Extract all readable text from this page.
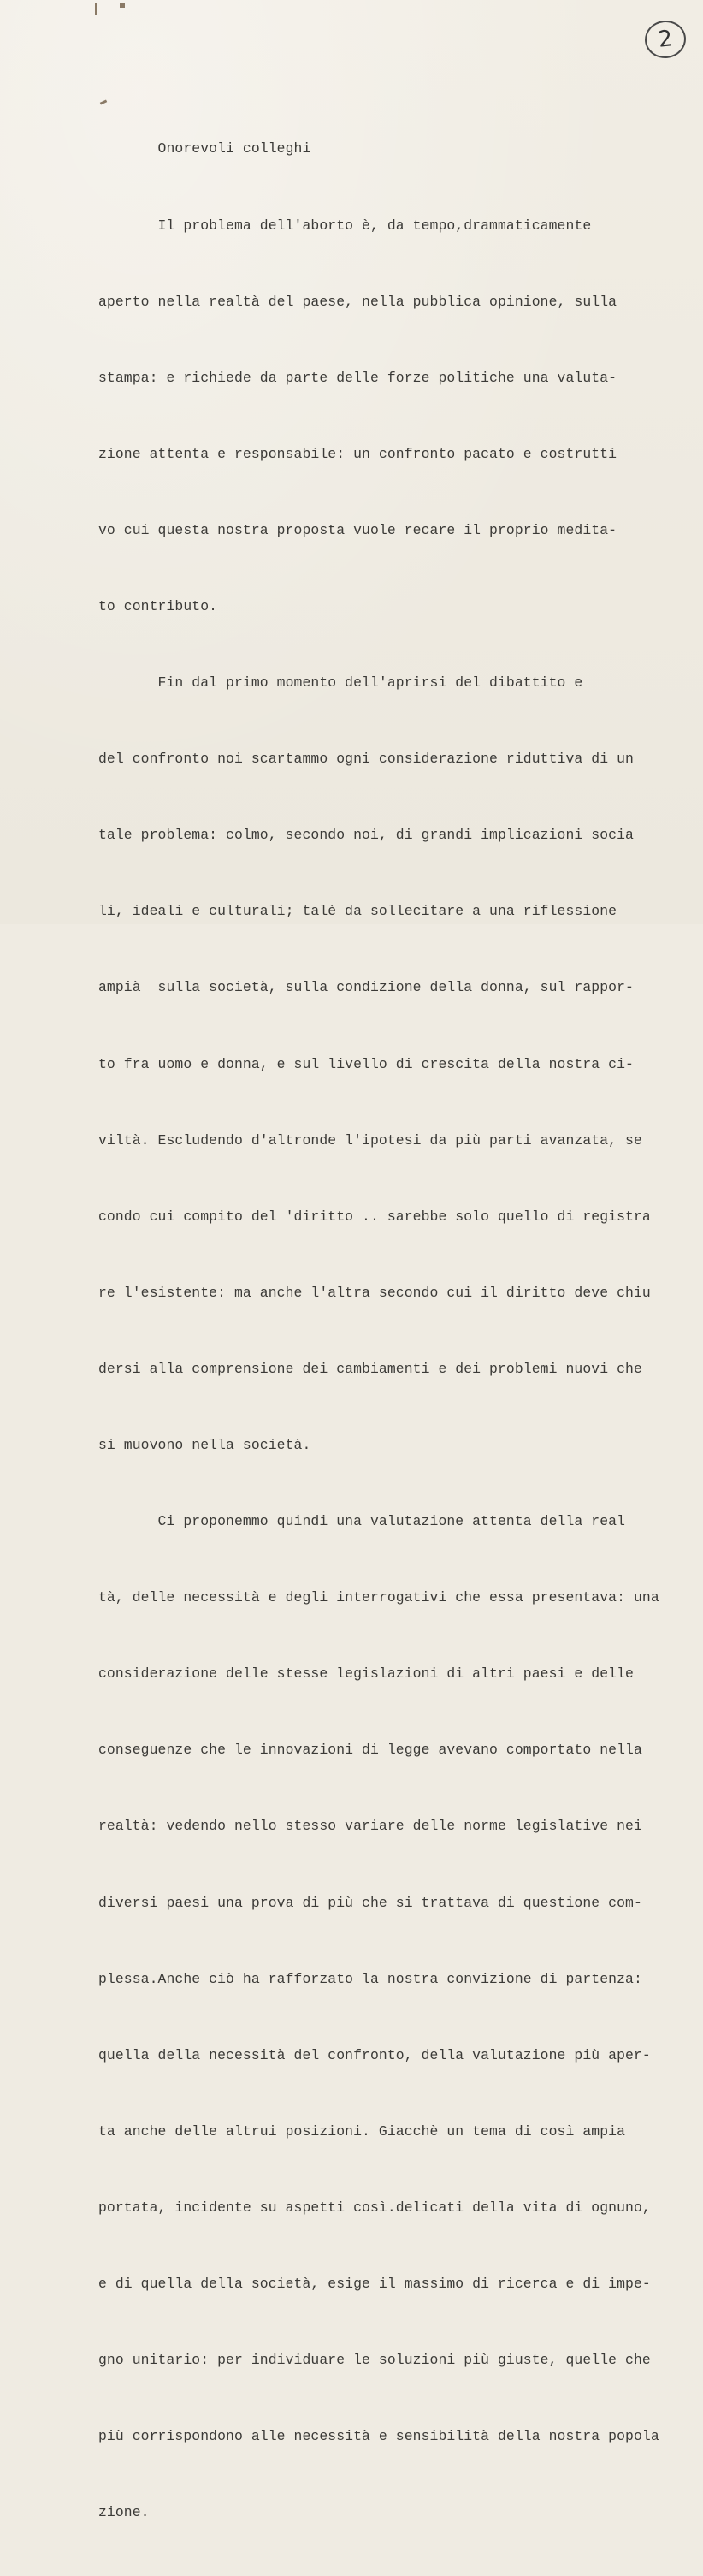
2

Onorevoli colleghi

Il problema dell'aborto è, da tempo,drammaticamente

aperto nella realtà del paese, nella pubblica opinione, sulla

stampa: e richiede da parte delle forze politiche una valuta-

zione attenta e responsabile: un confronto pacato e costrutti

vo cui questa nostra proposta vuole recare il proprio medita-

to contributo.

Fin dal primo momento dell'aprirsi del dibattito e

del confronto noi scartammo ogni considerazione riduttiva di un

tale problema: colmo, secondo noi, di grandi implicazioni socia

li, ideali e culturali; talè da sollecitare a una riflessione

ampià  sulla società, sulla condizione della donna, sul rappor-

to fra uomo e donna, e sul livello di crescita della nostra ci-

viltà. Escludendo d'altronde l'ipotesi da più parti avanzata, se

condo cui compito del 'diritto .. sarebbe solo quello di registra

re l'esistente: ma anche l'altra secondo cui il diritto deve chiu

dersi alla comprensione dei cambiamenti e dei problemi nuovi che

si muovono nella società.

Ci proponemmo quindi una valutazione attenta della real

tà, delle necessità e degli interrogativi che essa presentava: una

considerazione delle stesse legislazioni di altri paesi e delle

conseguenze che le innovazioni di legge avevano comportato nella

realtà: vedendo nello stesso variare delle norme legislative nei

diversi paesi una prova di più che si trattava di questione com-

plessa.Anche ciò ha rafforzato la nostra convizione di partenza:

quella della necessità del confronto, della valutazione più aper-

ta anche delle altrui posizioni. Giacchè un tema di così ampia

portata, incidente su aspetti così.delicati della vita di ognuno,

e di quella della società, esige il massimo di ricerca e di impe-

gno unitario: per individuare le soluzioni più giuste, quelle che

più corrispondono alle necessità e sensibilità della nostra popola

zione.
